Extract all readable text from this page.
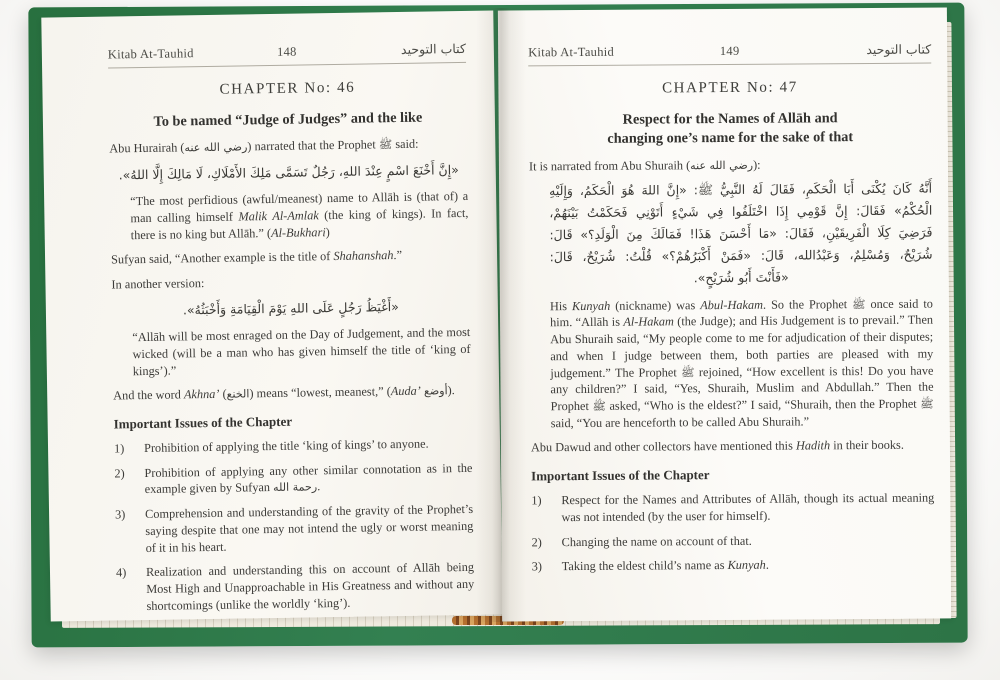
Kitab At-Tauhid	148	كتاب التوحيد
CHAPTER No: 46
To be named “Judge of Judges” and the like
Abu Hurairah (رضي الله عنه) narrated that the Prophet ﷺ said:
«إِنَّ أَخْنَعَ اسْمٍ عِنْدَ اللهِ، رَجُلٌ تَسَمَّى مَلِكَ الأَمْلَاكِ، لَا مَالِكَ إِلَّا اللهُ».
“The most perfidious (awful/meanest) name to Allāh is (that of) a man calling himself Malik Al-Amlak (the king of kings). In fact, there is no king but Allāh.” (Al-Bukhari)
Sufyan said, “Another example is the title of Shahanshah.”
In another version:
«أَغْيَظُ رَجُلٍ عَلَى اللهِ يَوْمَ الْقِيَامَةِ وَأَخْبَثُهُ».
“Allāh will be most enraged on the Day of Judgement, and the most wicked (will be a man who has given himself the title of ‘king of kings’).”
And the word Akhna’ (الخنع) means “lowest, meanest,” (Auda’ أوضع).
Important Issues of the Chapter
1)	Prohibition of applying the title ‘king of kings’ to anyone.
2)	Prohibition of applying any other similar connotation as in the example given by Sufyan رحمة الله.
3)	Comprehension and understanding of the gravity of the Prophet’s saying despite that one may not intend the ugly or worst meaning of it in his heart.
4)	Realization and understanding this on account of Allāh being Most High and Unapproachable in His Greatness and without any shortcomings (unlike the worldly ‘king’).
Kitab At-Tauhid	149	كتاب التوحيد
CHAPTER No: 47
Respect for the Names of Allāh and
changing one’s name for the sake of that
It is narrated from Abu Shuraih (رضي الله عنه):
أَنَّهُ كَانَ يُكْنَى أَبَا الْحَكَمِ، فَقَالَ لَهُ النَّبِيُّ ﷺ: «إِنَّ اللهَ هُوَ الْحَكَمُ، وَإِلَيْهِ
الْحُكْمُ» فَقَالَ: إِنَّ قَوْمِي إِذَا اخْتَلَفُوا فِي شَيْءٍ أَتَوْنِي فَحَكَمْتُ بَيْنَهُمْ،
فَرَضِيَ كِلَا الْفَرِيقَيْنِ، فَقَالَ: «مَا أَحْسَنَ هَذَا! فَمَالَكَ مِنَ الْوَلَدِ؟» قَالَ:
شُرَيْحٌ، وَمُسْلِمٌ، وَعَبْدُالله، قَالَ: «فَمَنْ أَكْبَرُهُمْ؟» قُلْتُ: شُرَيْحٌ، قَالَ:
«فَأَنْتَ أَبُو شُرَيْحٍ».
His Kunyah (nickname) was Abul-Hakam. So the Prophet ﷺ once said to him. “Allāh is Al-Hakam (the Judge); and His Judgement is to prevail.” Then Abu Shuraih said, “My people come to me for adjudication of their disputes; and when I judge between them, both parties are pleased with my judgement.” The Prophet ﷺ rejoined, “How excellent is this! Do you have any children?” I said, “Yes, Shuraih, Muslim and Abdullah.” Then the Prophet ﷺ asked, “Who is the eldest?” I said, “Shuraih, then the Prophet ﷺ said, “You are henceforth to be called Abu Shuraih.”
Abu Dawud and other collectors have mentioned this Hadith in their books.
Important Issues of the Chapter
1)	Respect for the Names and Attributes of Allāh, though its actual meaning was not intended (by the user for himself).
2)	Changing the name on account of that.
3)	Taking the eldest child’s name as Kunyah.
